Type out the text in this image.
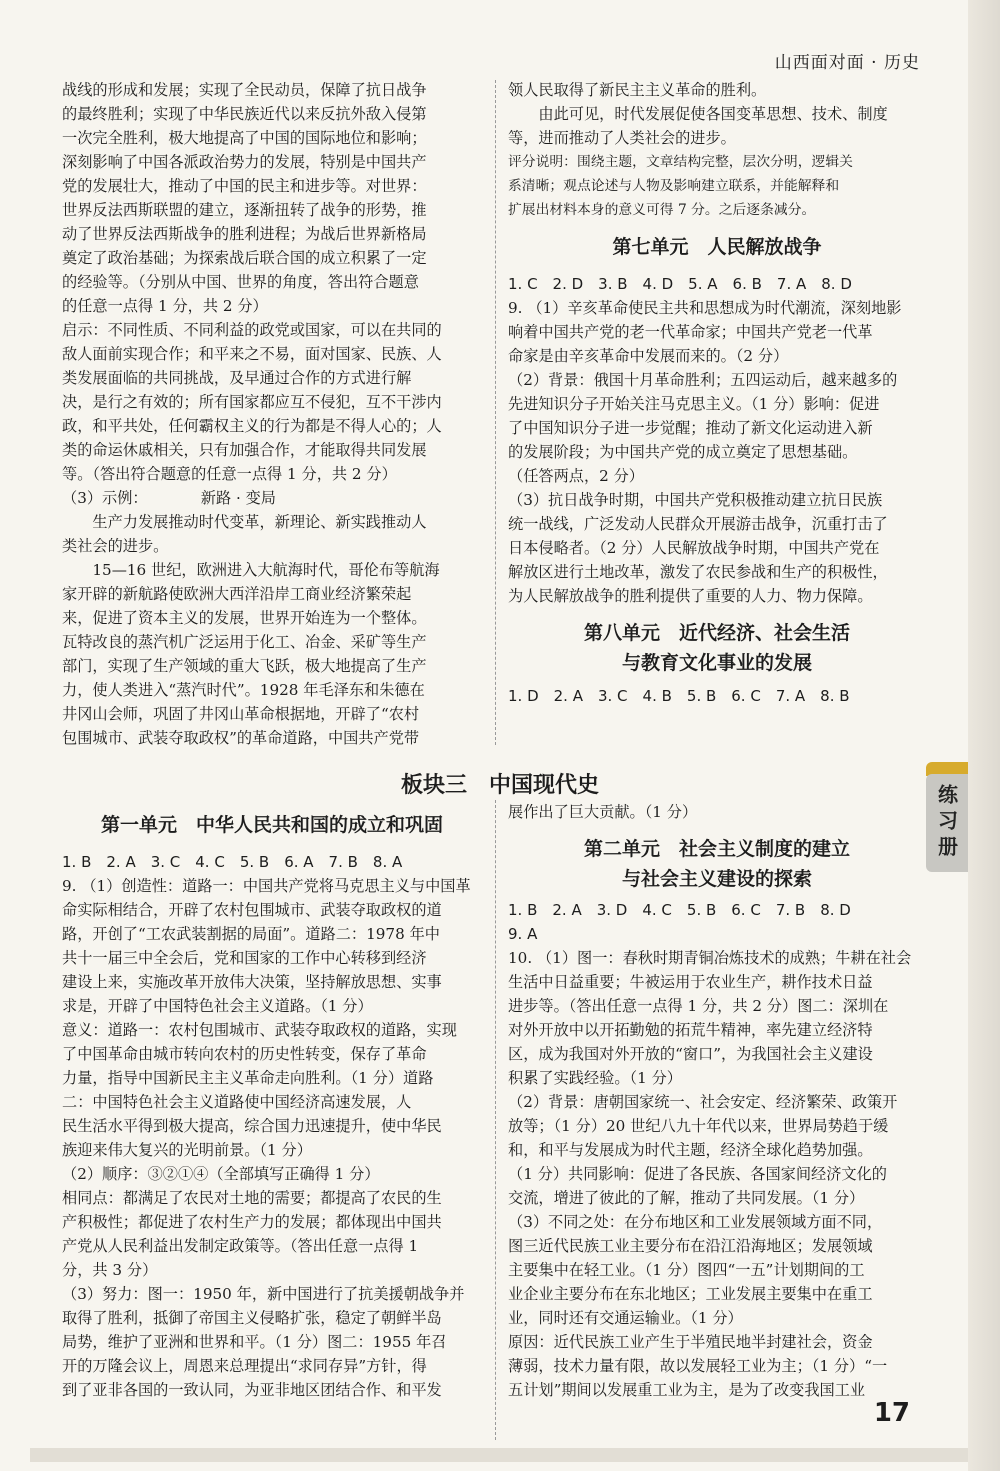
山西面对面 · 历史
练习册

战线的形成和发展；实现了全民动员，保障了抗日战争

的最终胜利；实现了中华民族近代以来反抗外敌入侵第

一次完全胜利，极大地提高了中国的国际地位和影响；

深刻影响了中国各派政治势力的发展，特别是中国共产

党的发展壮大，推动了中国的民主和进步等。对世界：

世界反法西斯联盟的建立，逐渐扭转了战争的形势，推

动了世界反法西斯战争的胜利进程；为战后世界新格局

奠定了政治基础；为探索战后联合国的成立积累了一定

的经验等。（分别从中国、世界的角度，答出符合题意

的任意一点得 1 分，共 2 分）

启示：不同性质、不同利益的政党或国家，可以在共同的

敌人面前实现合作；和平来之不易，面对国家、民族、人

类发展面临的共同挑战，及早通过合作的方式进行解

决，是行之有效的；所有国家都应互不侵犯，互不干涉内

政，和平共处，任何霸权主义的行为都是不得人心的；人

类的命运休戚相关，只有加强合作，才能取得共同发展

等。（答出符合题意的任意一点得 1 分，共 2 分）

（3）示例：　　　　新路 · 变局

　　生产力发展推动时代变革，新理论、新实践推动人

类社会的进步。

　　15—16 世纪，欧洲进入大航海时代，哥伦布等航海

家开辟的新航路使欧洲大西洋沿岸工商业经济繁荣起

来，促进了资本主义的发展，世界开始连为一个整体。

瓦特改良的蒸汽机广泛运用于化工、冶金、采矿等生产

部门，实现了生产领域的重大飞跃，极大地提高了生产

力，使人类进入“蒸汽时代”。1928 年毛泽东和朱德在

井冈山会师，巩固了井冈山革命根据地，开辟了“农村

包围城市、武装夺取政权”的革命道路，中国共产党带

领人民取得了新民主主义革命的胜利。

　　由此可见，时代发展促使各国变革思想、技术、制度

等，进而推动了人类社会的进步。

评分说明：围绕主题，文章结构完整，层次分明，逻辑关

系清晰；观点论述与人物及影响建立联系，并能解释和

扩展出材料本身的意义可得 7 分。之后逐条减分。

第七单元　人民解放战争
1. C　2. D　3. B　4. D　5. A　6. B　7. A　8. D

9. （1）辛亥革命使民主共和思想成为时代潮流，深刻地影

响着中国共产党的老一代革命家；中国共产党老一代革

命家是由辛亥革命中发展而来的。（2 分）

（2）背景：俄国十月革命胜利；五四运动后，越来越多的

先进知识分子开始关注马克思主义。（1 分）影响：促进

了中国知识分子进一步觉醒；推动了新文化运动进入新

的发展阶段；为中国共产党的成立奠定了思想基础。

（任答两点，2 分）

（3）抗日战争时期，中国共产党积极推动建立抗日民族

统一战线，广泛发动人民群众开展游击战争，沉重打击了

日本侵略者。（2 分）人民解放战争时期，中国共产党在

解放区进行土地改革，激发了农民参战和生产的积极性，

为人民解放战争的胜利提供了重要的人力、物力保障。

第八单元　近代经济、社会生活
与教育文化事业的发展
1. D　2. A　3. C　4. B　5. B　6. C　7. A　8. B
板块三　中国现代史
第一单元　中华人民共和国的成立和巩固
1. B　2. A　3. C　4. C　5. B　6. A　7. B　8. A

9. （1）创造性：道路一：中国共产党将马克思主义与中国革

命实际相结合，开辟了农村包围城市、武装夺取政权的道

路，开创了“工农武装割据的局面”。道路二：1978 年中

共十一届三中全会后，党和国家的工作中心转移到经济

建设上来，实施改革开放伟大决策，坚持解放思想、实事

求是，开辟了中国特色社会主义道路。（1 分）

意义：道路一：农村包围城市、武装夺取政权的道路，实现

了中国革命由城市转向农村的历史性转变，保存了革命

力量，指导中国新民主主义革命走向胜利。（1 分）道路

二：中国特色社会主义道路使中国经济高速发展，人

民生活水平得到极大提高，综合国力迅速提升，使中华民

族迎来伟大复兴的光明前景。（1 分）

（2）顺序：③②①④（全部填写正确得 1 分）

相同点：都满足了农民对土地的需要；都提高了农民的生

产积极性；都促进了农村生产力的发展；都体现出中国共

产党从人民利益出发制定政策等。（答出任意一点得 1

分，共 3 分）

（3）努力：图一：1950 年，新中国进行了抗美援朝战争并

取得了胜利，抵御了帝国主义侵略扩张，稳定了朝鲜半岛

局势，维护了亚洲和世界和平。（1 分）图二：1955 年召

开的万隆会议上，周恩来总理提出“求同存异”方针，得

到了亚非各国的一致认同，为亚非地区团结合作、和平发

展作出了巨大贡献。（1 分）

第二单元　社会主义制度的建立
与社会主义建设的探索
1. B　2. A　3. D　4. C　5. B　6. C　7. B　8. D
9. A

10. （1）图一：春秋时期青铜冶炼技术的成熟；牛耕在社会

生活中日益重要；牛被运用于农业生产，耕作技术日益

进步等。（答出任意一点得 1 分，共 2 分）图二：深圳在

对外开放中以开拓勤勉的拓荒牛精神，率先建立经济特

区，成为我国对外开放的“窗口”，为我国社会主义建设

积累了实践经验。（1 分）

（2）背景：唐朝国家统一、社会安定、经济繁荣、政策开

放等；（1 分）20 世纪八九十年代以来，世界局势趋于缓

和，和平与发展成为时代主题，经济全球化趋势加强。

（1 分）共同影响：促进了各民族、各国家间经济文化的

交流，增进了彼此的了解，推动了共同发展。（1 分）

（3）不同之处：在分布地区和工业发展领域方面不同，

图三近代民族工业主要分布在沿江沿海地区；发展领域

主要集中在轻工业。（1 分）图四“一五”计划期间的工

业企业主要分布在东北地区；工业发展主要集中在重工

业，同时还有交通运输业。（1 分）

原因：近代民族工业产生于半殖民地半封建社会，资金

薄弱，技术力量有限，故以发展轻工业为主；（1 分）“一

五计划”期间以发展重工业为主，是为了改变我国工业

17
